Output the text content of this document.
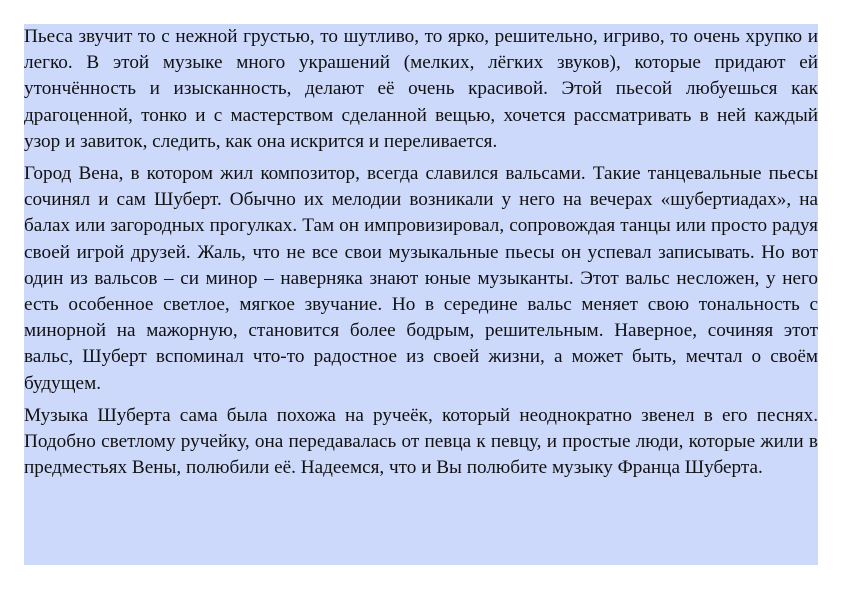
Пьеса звучит то с нежной грустью, то шутливо, то ярко, решительно, игриво, то очень хрупко и легко. В этой музыке много украшений (мелких, лёгких звуков), которые придают ей утончённость и изысканность, делают её очень красивой. Этой пьесой любуешься как драгоценной, тонко и с мастерством сделанной вещью, хочется рассматривать в ней каждый узор и завиток, следить, как она искрится и переливается.

Город Вена, в котором жил композитор, всегда славился вальсами. Такие танцевальные пьесы сочинял и сам Шуберт. Обычно их мелодии возникали у него на вечерах «шубертиадах», на балах или загородных прогулках. Там он импровизировал, сопровождая танцы или просто радуя своей игрой друзей. Жаль, что не все свои музыкальные пьесы он успевал записывать. Но вот один из вальсов – си минор – наверняка знают юные музыканты. Этот вальс несложен, у него есть особенное светлое, мягкое звучание. Но в середине вальс меняет свою тональность с минорной на мажорную, становится более бодрым, решительным. Наверное, сочиняя этот вальс, Шуберт вспоминал что-то радостное из своей жизни, а может быть, мечтал о своём будущем.

Музыка Шуберта сама была похожа на ручеёк, который неоднократно звенел в его песнях. Подобно светлому ручейку, она передавалась от певца к певцу, и простые люди, которые жили в предместьях Вены, полюбили её. Надеемся, что и Вы полюбите музыку Франца Шуберта.
